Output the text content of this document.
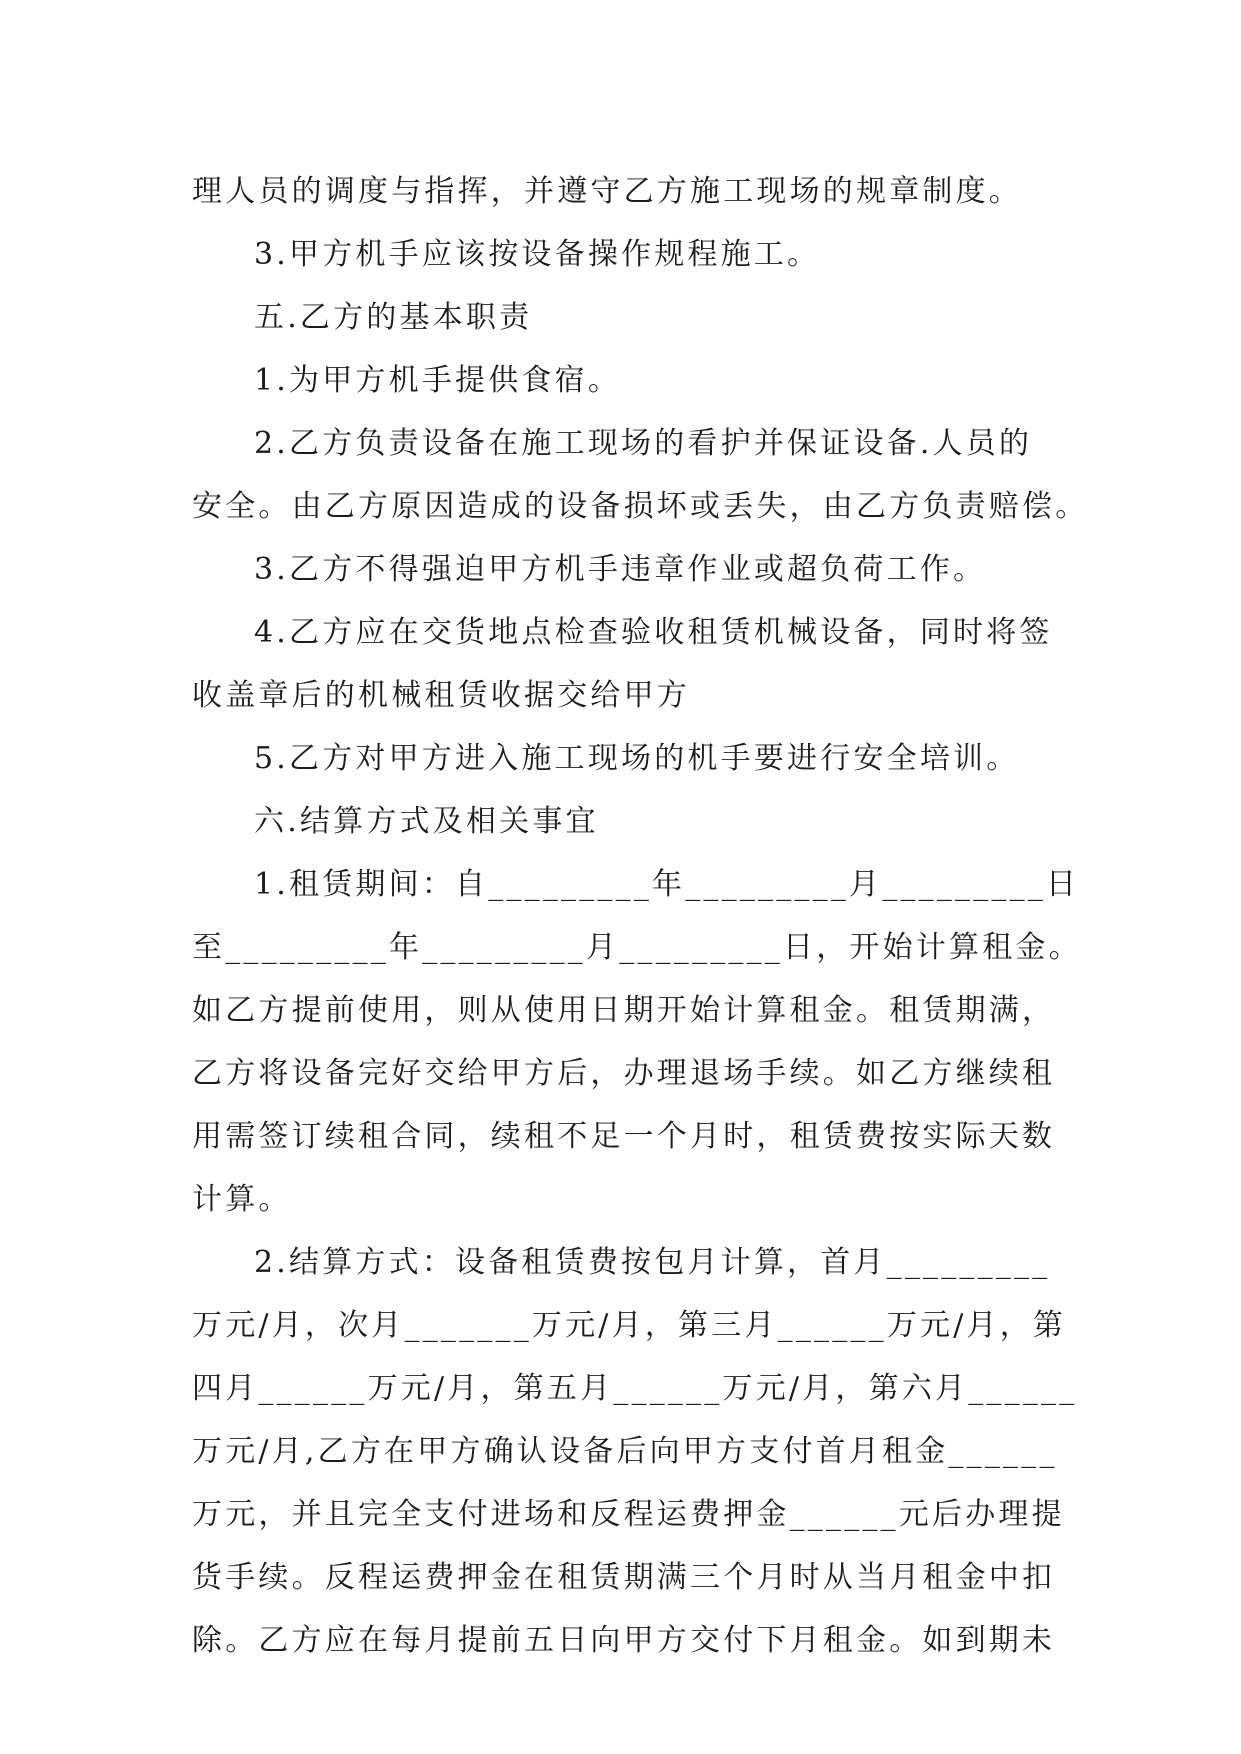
理人员的调度与指挥，并遵守乙方施工现场的规章制度。
3.甲方机手应该按设备操作规程施工。
五.乙方的基本职责
1.为甲方机手提供食宿。
2.乙方负责设备在施工现场的看护并保证设备.人员的
安全。由乙方原因造成的设备损坏或丢失，由乙方负责赔偿。
3.乙方不得强迫甲方机手违章作业或超负荷工作。
4.乙方应在交货地点检查验收租赁机械设备，同时将签
收盖章后的机械租赁收据交给甲方
5.乙方对甲方进入施工现场的机手要进行安全培训。
六.结算方式及相关事宜
1.租赁期间：自_________年_________月_________日
至_________年_________月_________日，开始计算租金。
如乙方提前使用，则从使用日期开始计算租金。租赁期满，
乙方将设备完好交给甲方后，办理退场手续。如乙方继续租
用需签订续租合同，续租不足一个月时，租赁费按实际天数
计算。
2.结算方式：设备租赁费按包月计算，首月_________
万元/月，次月_______万元/月，第三月______万元/月，第
四月______万元/月，第五月______万元/月，第六月______
万元/月,乙方在甲方确认设备后向甲方支付首月租金______
万元，并且完全支付进场和反程运费押金______元后办理提
货手续。反程运费押金在租赁期满三个月时从当月租金中扣
除。乙方应在每月提前五日向甲方交付下月租金。如到期未
